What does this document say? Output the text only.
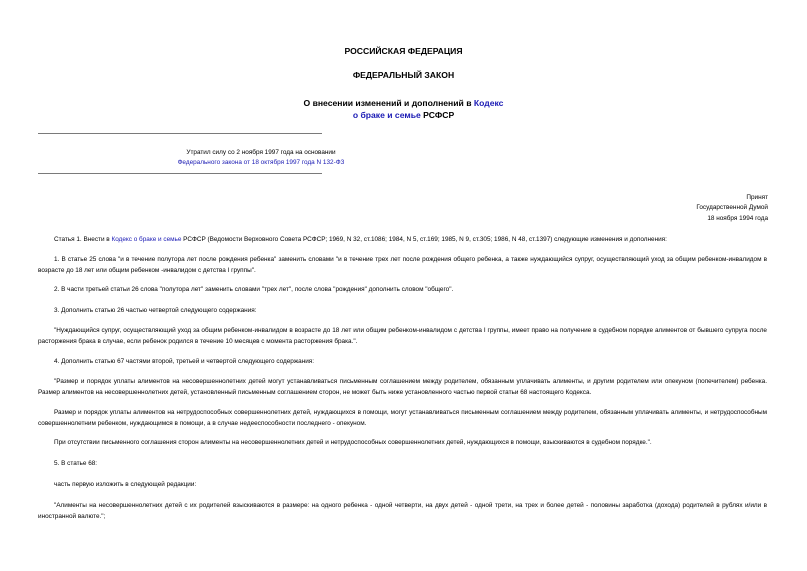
РОССИЙСКАЯ ФЕДЕРАЦИЯ
ФЕДЕРАЛЬНЫЙ ЗАКОН
О внесении изменений и дополнений в Кодекс
о браке и семье РСФСР
Утратил силу со 2 ноября 1997 года на основании
Федерального закона от 18 октября 1997 года N 132-ФЗ
Принят
Государственной Думой
18 ноября 1994 года

Статья 1. Внести в Кодекс о браке и семье РСФСР (Ведомости Верховного Совета РСФСР; 1969, N 32, ст.1086; 1984, N 5, ст.169; 1985, N 9, ст.305; 1986, N 48, ст.1397) следующие изменения и дополнения:

1. В статье 25 слова "и в течение полутора лет после рождения ребенка" заменить словами "и в течение трех лет после рождения общего ребенка, а также нуждающийся супруг, осуществляющий уход за общим ребенком-инвалидом в возрасте до 18 лет или общим ребенком -инвалидом с детства I группы".

2. В части третьей статьи 26 слова "полутора лет" заменить словами "трех лет", после слова "рождения" дополнить словом "общего".

3. Дополнить статью 26 частью четвертой следующего содержания:

"Нуждающийся супруг, осуществляющий уход за общим ребенком-инвалидом в возрасте до 18 лет или общим ребенком-инвалидом с детства I группы, имеет право на получение в судебном порядке алиментов от бывшего супруга после расторжения брака в случае, если ребенок родился в течение 10 месяцев с момента расторжения брака.".

4. Дополнить статью 67 частями второй, третьей и четвертой следующего содержания:

"Размер и порядок уплаты алиментов на несовершеннолетних детей могут устанавливаться письменным соглашением между родителем, обязанным уплачивать алименты, и другим родителем или опекуном (попечителем) ребенка. Размер алиментов на несовершеннолетних детей, установленный письменным соглашением сторон, не может быть ниже установленного частью первой статьи 68 настоящего Кодекса.

Размер и порядок уплаты алиментов на нетрудоспособных совершеннолетних детей, нуждающихся в помощи, могут устанавливаться письменным соглашением между родителем, обязанным уплачивать алименты, и нетрудоспособным совершеннолетним ребенком, нуждающимся в помощи, а в случае недееспособности последнего - опекуном.

При отсутствии письменного соглашения сторон алименты на несовершеннолетних детей и нетрудоспособных совершеннолетних детей, нуждающихся в помощи, взыскиваются в судебном порядке.".

5. В статье 68:

часть первую изложить в следующей редакции:

"Алименты на несовершеннолетних детей с их родителей взыскиваются в размере: на одного ребенка - одной четверти, на двух детей - одной трети, на трех и более детей - половины заработка (дохода) родителей в рублях и/или в иностранной валюте.";
